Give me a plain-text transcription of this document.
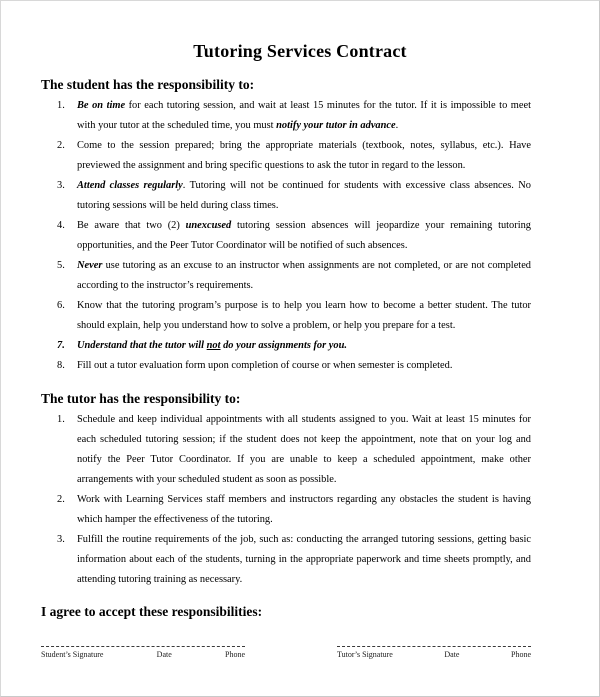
Tutoring Services Contract
The student has the responsibility to:
1. Be on time for each tutoring session, and wait at least 15 minutes for the tutor. If it is impossible to meet with your tutor at the scheduled time, you must notify your tutor in advance.
2. Come to the session prepared; bring the appropriate materials (textbook, notes, syllabus, etc.). Have previewed the assignment and bring specific questions to ask the tutor in regard to the lesson.
3. Attend classes regularly. Tutoring will not be continued for students with excessive class absences. No tutoring sessions will be held during class times.
4. Be aware that two (2) unexcused tutoring session absences will jeopardize your remaining tutoring opportunities, and the Peer Tutor Coordinator will be notified of such absences.
5. Never use tutoring as an excuse to an instructor when assignments are not completed, or are not completed according to the instructor’s requirements.
6. Know that the tutoring program’s purpose is to help you learn how to become a better student. The tutor should explain, help you understand how to solve a problem, or help you prepare for a test.
7. Understand that the tutor will not do your assignments for you.
8. Fill out a tutor evaluation form upon completion of course or when semester is completed.
The tutor has the responsibility to:
1. Schedule and keep individual appointments with all students assigned to you. Wait at least 15 minutes for each scheduled tutoring session; if the student does not keep the appointment, note that on your log and notify the Peer Tutor Coordinator. If you are unable to keep a scheduled appointment, make other arrangements with your scheduled student as soon as possible.
2. Work with Learning Services staff members and instructors regarding any obstacles the student is having which hamper the effectiveness of the tutoring.
3. Fulfill the routine requirements of the job, such as: conducting the arranged tutoring sessions, getting basic information about each of the students, turning in the appropriate paperwork and time sheets promptly, and attending tutoring training as necessary.
I agree to accept these responsibilities:
Student’s Signature	Date	Phone	Tutor’s Signature	Date	Phone
